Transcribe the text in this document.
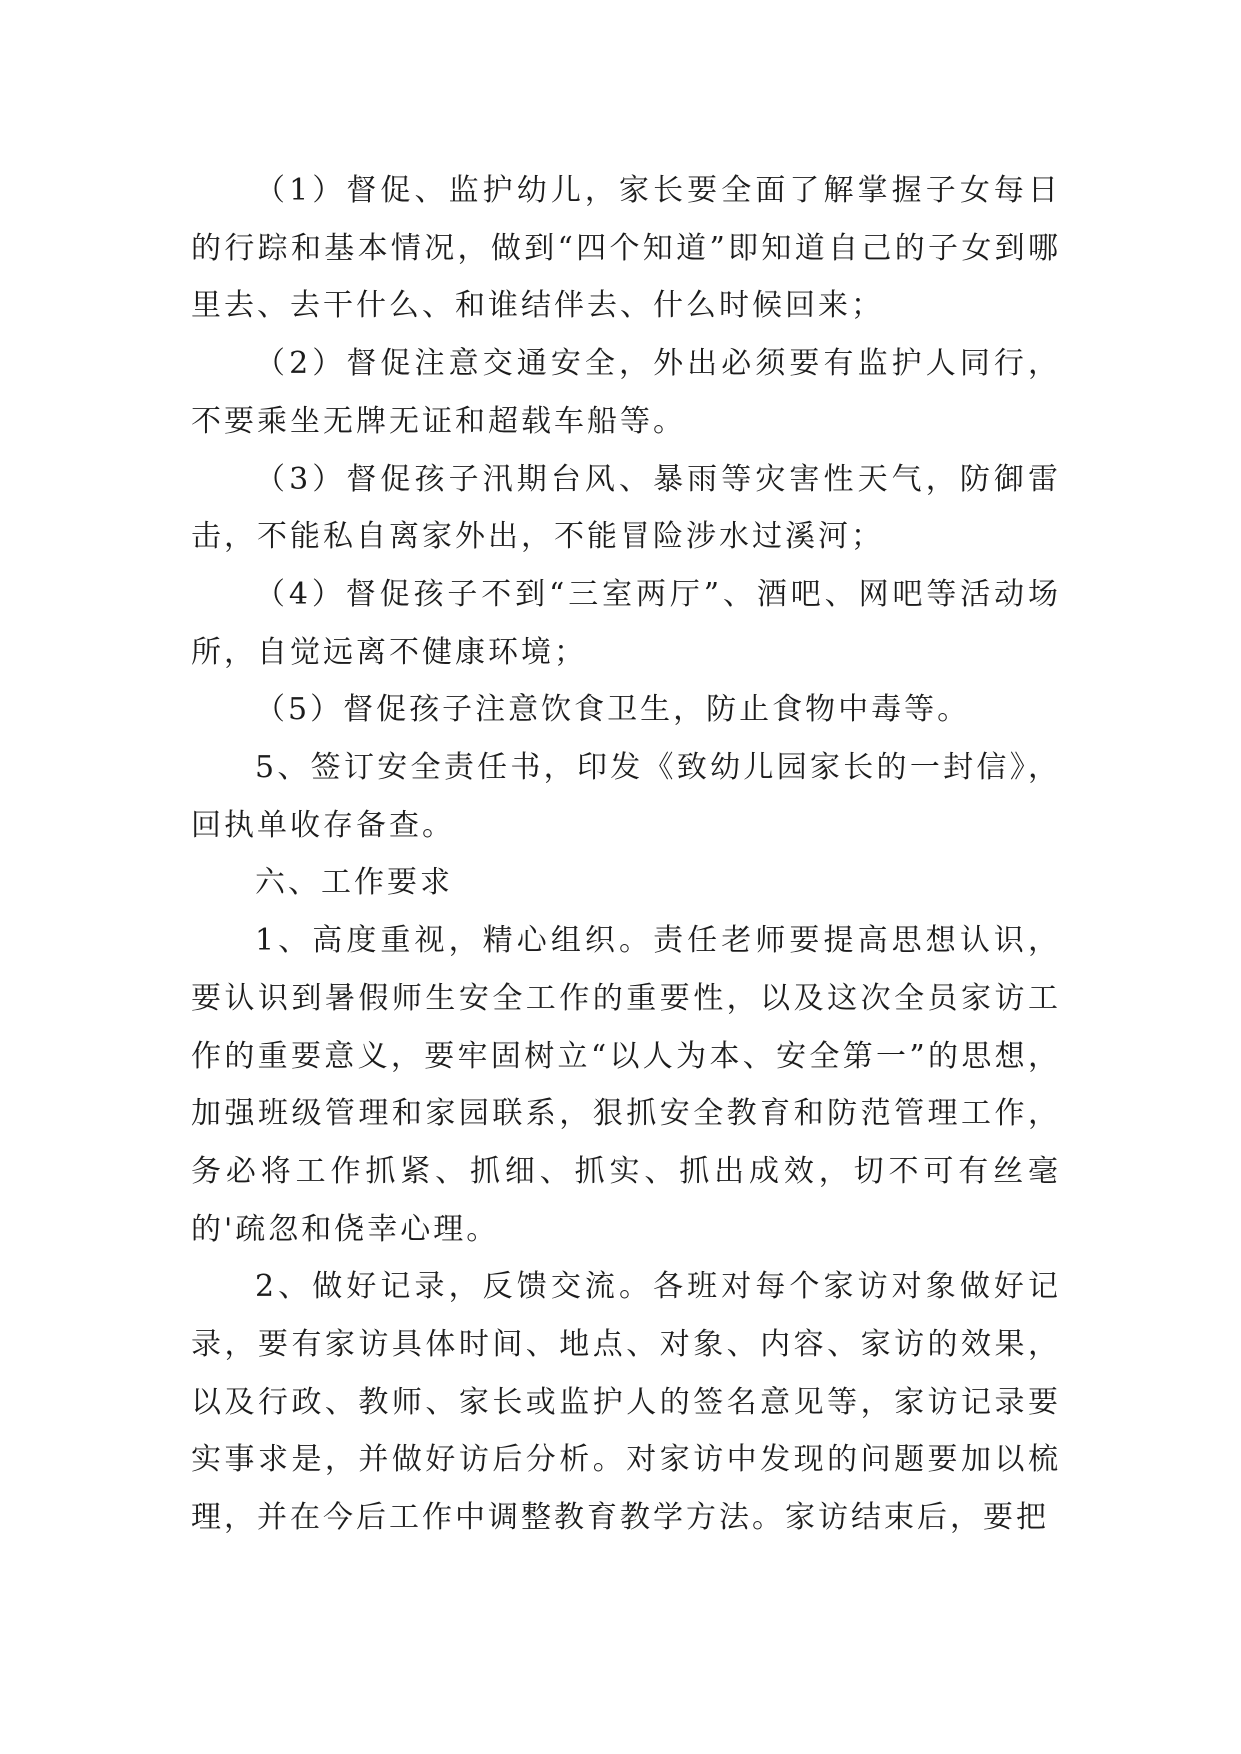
（1）督促、监护幼儿，家长要全面了解掌握子女每日的行踪和基本情况，做到“四个知道”即知道自己的子女到哪里去、去干什么、和谁结伴去、什么时候回来；

（2）督促注意交通安全，外出必须要有监护人同行，不要乘坐无牌无证和超载车船等。

（3）督促孩子汛期台风、暴雨等灾害性天气，防御雷击，不能私自离家外出，不能冒险涉水过溪河；

（4）督促孩子不到“三室两厅”、酒吧、网吧等活动场所，自觉远离不健康环境；

（5）督促孩子注意饮食卫生，防止食物中毒等。

5、签订安全责任书，印发《致幼儿园家长的一封信》，回执单收存备查。

六、工作要求

1、高度重视，精心组织。责任老师要提高思想认识，要认识到暑假师生安全工作的重要性，以及这次全员家访工作的重要意义，要牢固树立“以人为本、安全第一”的思想，加强班级管理和家园联系，狠抓安全教育和防范管理工作，务必将工作抓紧、抓细、抓实、抓出成效，切不可有丝毫的'疏忽和侥幸心理。

2、做好记录，反馈交流。各班对每个家访对象做好记录，要有家访具体时间、地点、对象、内容、家访的效果，以及行政、教师、家长或监护人的签名意见等，家访记录要实事求是，并做好访后分析。对家访中发现的问题要加以梳理，并在今后工作中调整教育教学方法。家访结束后，要把
